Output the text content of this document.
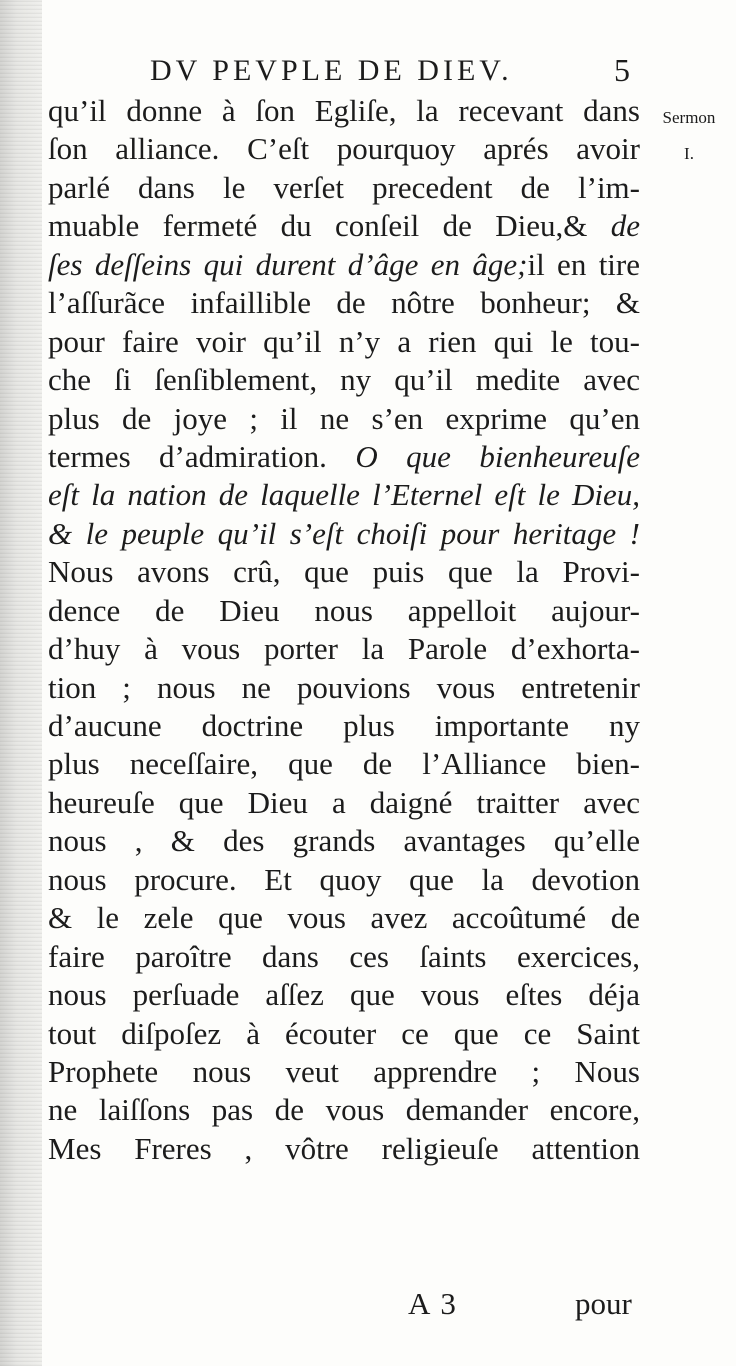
DV PEVPLE DE DIEV.	5
Sermon
I.
qu’il donne à ſon Egliſe, la recevant dans
ſon alliance. C’eſt pourquoy aprés avoir
parlé dans le verſet precedent de l’im-
muable fermeté du conſeil de Dieu,& de
ſes deſſeins qui durent d’âge en âge;il en tire
l’aſſurãce infaillible de nôtre bonheur; &
pour faire voir qu’il n’y a rien qui le tou-
che ſi ſenſiblement, ny qu’il medite avec
plus de joye ; il ne s’en exprime qu’en
termes d’admiration. O que bienheureuſe
eſt la nation de laquelle l’Eternel eſt le Dieu,
& le peuple qu’il s’eſt choiſi pour heritage !
Nous avons crû, que puis que la Provi-
dence de Dieu nous appelloit aujour-
d’huy à vous porter la Parole d’exhorta-
tion ; nous ne pouvions vous entretenir
d’aucune doctrine plus importante ny
plus neceſſaire, que de l’Alliance bien-
heureuſe que Dieu a daigné traitter avec
nous , & des grands avantages qu’elle
nous procure. Et quoy que la devotion
& le zele que vous avez accoûtumé de
faire paroître dans ces ſaints exercices,
nous perſuade aſſez que vous eſtes déja
tout diſpoſez à écouter ce que ce Saint
Prophete nous veut apprendre ; Nous
ne laiſſons pas de vous demander encore,
Mes Freres , vôtre religieuſe attention
A 3	pour
